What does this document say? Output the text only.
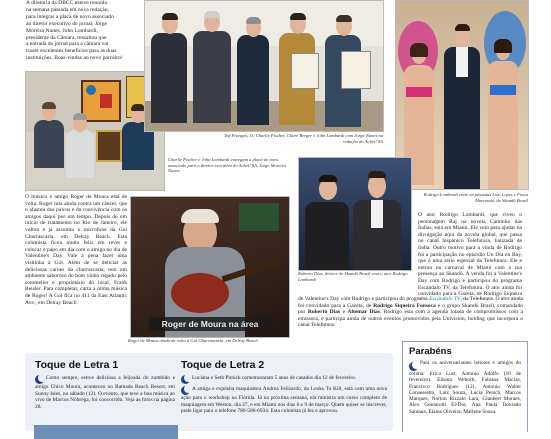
A diretoria da DBCC esteve reunida
na semana passada em nova redação,
para integrar a placa de novo associado
ao diretor executivo do jornal, Jorge
Moreira Nunes. John Lombardi,
presidente da Câmara, ressaltou que
a entrada do jornal para a câmara vai
trazer excelentes benefícios para as duas
instituições. Boas-vindas ao novo parceiro!

Charlie Fischer e John Lombardi entregam a placa de novo associado para o diretor executivo do Achei! SA, Jorge Moreira Nunes

Ted Frangos, JJ, Charlie Fischer, Claire Berger e John Lombardi com Jorge Nunes na redação do Achei! SA

Rodrigo Lombardi entre as passistas Loie Lopes e Fiona Marcondo, do Skandô Brazil

O músico e amigo Roger de Moura está de volta. Roger luta ainda contra um câncer, que o afastou dos palcos e da convivência com os amigos daqui por um tempo. Depois de um início de tratamento no Rio de Janeiro, ele voltou e já assumiu o microfone da Gol Churrascaria, em Delray Beach. Esta columista ficou muito feliz em rever e colocar o papo em dia com o amigo no dia de Valentine's Day. Vale a pena fazer uma visitinha à Gol. Além de se deliciar as deliciosas carnes da churrascaria, tem um ambiente saboroso do bom vinho regado pelo sommelier e proprietário do local, Frank Reisler. Para completar, curta a ótima música de Roger! A Gol fica no 411 da East Atlantic Ave., em Delray Beach.

Roger de Moura na área

Roger de Moura ainda de volta à Gol Churrascaria, em Delray Beach

Roberto Dias, diretor do Skandô Brazil com o ator Rodrigo Lombardi

O ator Rodrigo Lombardi, que viveu o personagem Raj na novela Caminho das Índias, está em Miami. Ele veio para ajudar na divulgação aqui da novela global, que passa no canal hispânico Telefutura, batizada de India. Outro motivo para a vinda de Rodrigo foi a participação no episódio Un Día en Bay, que é uma série especial da Telefutura. Ele e entrou no carnaval de Miami com a sua presença ao Skandô. A venda foi a Valentine's Day com Rodrigo e participou do programa Escándalo TV, da Telefutura. O ator ainda foi convidado para a Gazeta, de Rodrigo Siqueira

de Valentine's Day com Rodrigo e participou do programa Escándalo TV, da Telefutura. O ator ainda foi convidado para a Gazeta, de Rodrigo Siqueira Fonseca e o grupo Skandô Brazil, comandado por Roberto Dias e Altemar Dias. Rodrigo esta com a agenda lotada de compromissos com a emissora, e participa ainda de outros eventos promovidos pela Univision, holding que incorpora o canal Telefutura.

Toque de Letra 1

Como sempre, estive deliciosa a feijoada do zumbido e amigo Chico Moura, aconteceu no Ramada Beach Resort, em Sunny Isles, no sábado (12). O evento, que teve a boa música ao vivo de Marcos Nóbrega, foi concorrido. Veja as fotos na página 28.

Toque de Letra 2

Luciana e Seth Pitnick comemoraram 5 anos de casados dia 12 de fevereiro.

A amiga e expósita maquiadora Andrea Felizardo, da Looks To Kill, está com uma nova ação para o workshop na Flórida. Já na próxima semana, ela ministra um curso completo de maquiagem em Weston, dia 27, e em Miami nos dias 6 e 9 de março. Quem quiser se inscrever, pode ligar para o telefone 786-586-6934. Esta colunista já fez e aprovou.

Parabéns

Para os aniversariantes leitores e amigos do coluna: Erica Lust, Antonio Adolfo (10 de fevereiro), Elisma Weborb, Fabiana Macias, Francisco Rodrigues (12), Antonio Walter Consessetto, Luiz Souza, Lucia Persch, Marcos Marques, Norton Rizzato Lara, Glaubert Moraes, Alex Gomarotti El-Dor, Ana Paula Dourado Santana, Elaine Oliveira, Marlene Souza.
